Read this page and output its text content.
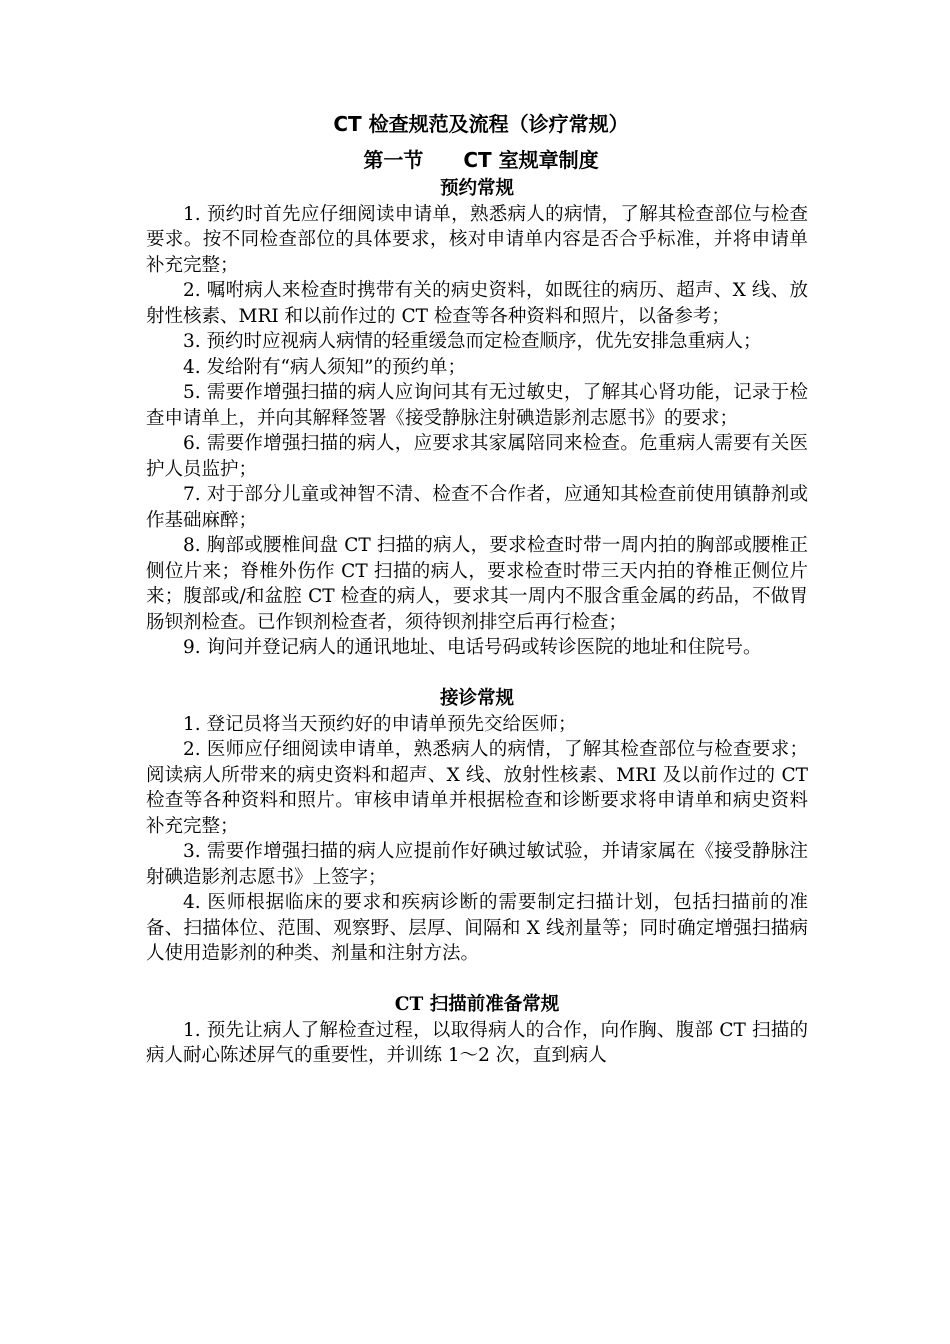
CT 检查规范及流程（诊疗常规）
第一节　　CT 室规章制度
预约常规

1. 预约时首先应仔细阅读申请单，熟悉病人的病情，了解其检查部位与检查要求。按不同检查部位的具体要求，核对申请单内容是否合乎标准，并将申请单补充完整；

2. 嘱咐病人来检查时携带有关的病史资料，如既往的病历、超声、X 线、放射性核素、MRI 和以前作过的 CT 检查等各种资料和照片，以备参考；

3. 预约时应视病人病情的轻重缓急而定检查顺序，优先安排急重病人；

4. 发给附有“病人须知”的预约单；

5. 需要作增强扫描的病人应询问其有无过敏史，了解其心肾功能，记录于检查申请单上，并向其解释签署《接受静脉注射碘造影剂志愿书》的要求；

6. 需要作增强扫描的病人，应要求其家属陪同来检查。危重病人需要有关医护人员监护；

7. 对于部分儿童或神智不清、检查不合作者，应通知其检查前使用镇静剂或作基础麻醉；

8. 胸部或腰椎间盘 CT 扫描的病人，要求检查时带一周内拍的胸部或腰椎正侧位片来；脊椎外伤作 CT 扫描的病人，要求检查时带三天内拍的脊椎正侧位片来；腹部或/和盆腔 CT 检查的病人，要求其一周内不服含重金属的药品，不做胃肠钡剂检查。已作钡剂检查者，须待钡剂排空后再行检查；

9. 询问并登记病人的通讯地址、电话号码或转诊医院的地址和住院号。

接诊常规

1. 登记员将当天预约好的申请单预先交给医师；

2. 医师应仔细阅读申请单，熟悉病人的病情，了解其检查部位与检查要求；阅读病人所带来的病史资料和超声、X 线、放射性核素、MRI 及以前作过的 CT 检查等各种资料和照片。审核申请单并根据检查和诊断要求将申请单和病史资料补充完整；

3. 需要作增强扫描的病人应提前作好碘过敏试验，并请家属在《接受静脉注射碘造影剂志愿书》上签字；

4. 医师根据临床的要求和疾病诊断的需要制定扫描计划，包括扫描前的准备、扫描体位、范围、观察野、层厚、间隔和 X 线剂量等；同时确定增强扫描病人使用造影剂的种类、剂量和注射方法。

CT 扫描前准备常规

1. 预先让病人了解检查过程，以取得病人的合作，向作胸、腹部 CT 扫描的病人耐心陈述屏气的重要性，并训练 1～2 次，直到病人
